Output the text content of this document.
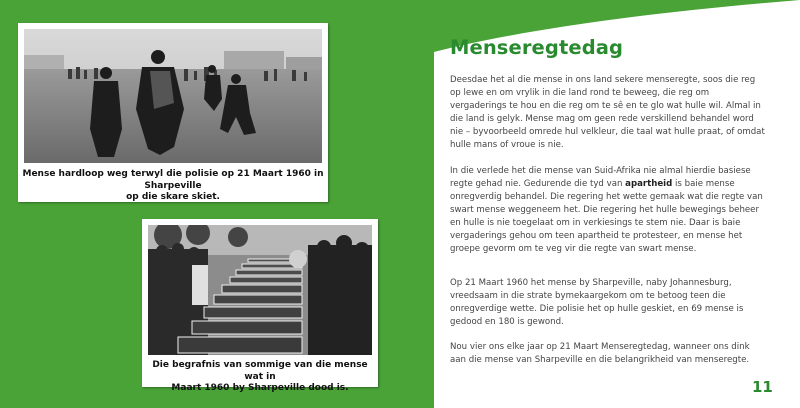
Mense hardloop weg terwyl die polisie op 21 Maart 1960 in Sharpeville
op die skare skiet.
Die begrafnis van sommige van die mense wat in
Maart 1960 by Sharpeville dood is.
Menseregtedag
Deesdae het al die mense in ons land sekere menseregte, soos die reg op lewe en om vrylik in die land rond te beweeg, die reg om vergaderings te hou en die reg om te sê en te glo wat hulle wil. Almal in die land is gelyk. Mense mag om geen rede verskillend behandel word nie – byvoorbeeld omrede hul velkleur, die taal wat hulle praat, of omdat hulle mans of vroue is nie.
In die verlede het die mense van Suid-Afrika nie almal hierdie basiese regte gehad nie. Gedurende die tyd van apartheid is baie mense onregverdig behandel. Die regering het wette gemaak wat die regte van swart mense weggeneem het. Die regering het hulle bewegings beheer en hulle is nie toegelaat om in verkiesings te stem nie. Daar is baie vergaderings gehou om teen apartheid te protesteer, en mense het groepe gevorm om te veg vir die regte van swart mense.
Op 21 Maart 1960 het mense by Sharpeville, naby Johannesburg, vreedsaam in die strate bymekaargekom om te betoog teen die onregverdige wette. Die polisie het op hulle geskiet, en 69 mense is gedood en 180 is gewond.
Nou vier ons elke jaar op 21 Maart Menseregtedag, wanneer ons dink aan die mense van Sharpeville en die belangrikheid van menseregte.
11
